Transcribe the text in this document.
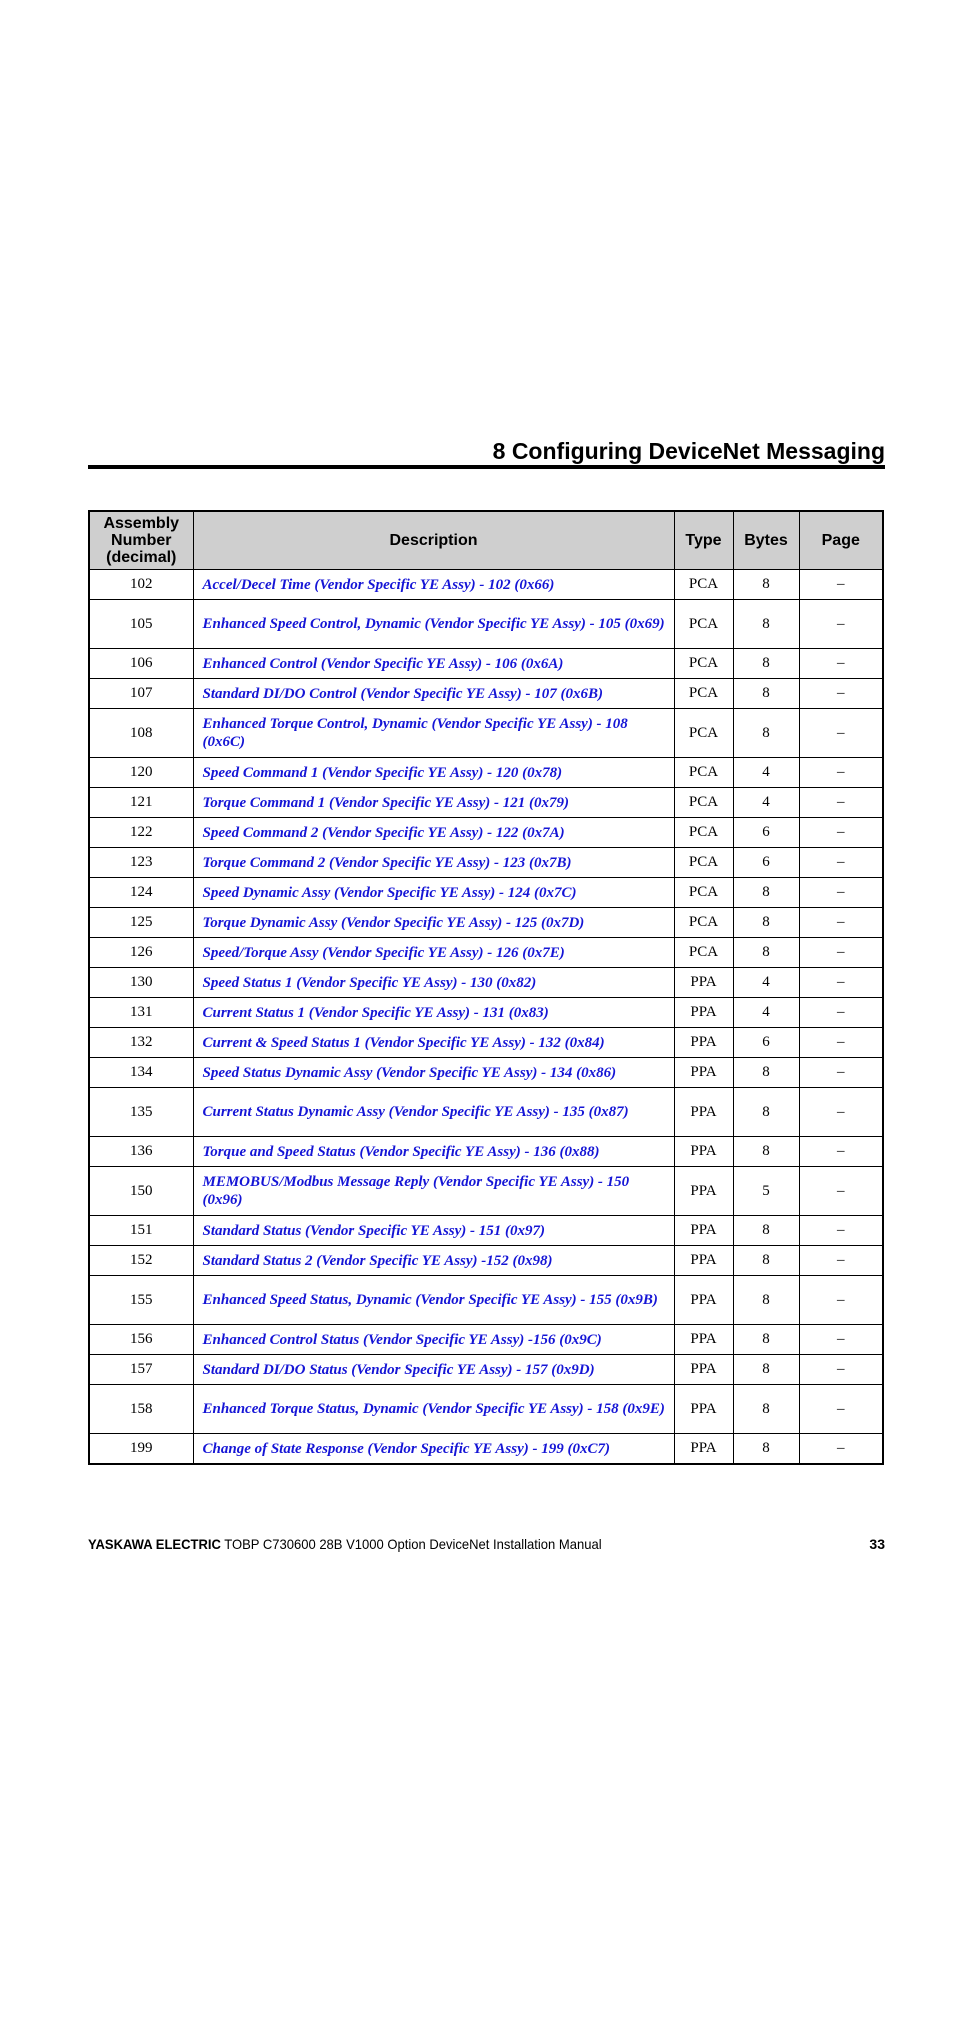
8 Configuring DeviceNet Messaging
Assembly
Number
(decimal)	Description	Type	Bytes	Page
102	Accel/Decel Time (Vendor Specific YE Assy) - 102 (0x66)	PCA	8	–
105	Enhanced Speed Control, Dynamic (Vendor Specific YE Assy) - 105 (0x69)	PCA	8	–
106	Enhanced Control (Vendor Specific YE Assy) - 106 (0x6A)	PCA	8	–
107	Standard DI/DO Control (Vendor Specific YE Assy) - 107 (0x6B)	PCA	8	–
108	Enhanced Torque Control, Dynamic (Vendor Specific YE Assy) - 108 (0x6C)	PCA	8	–
120	Speed Command 1 (Vendor Specific YE Assy) - 120 (0x78)	PCA	4	–
121	Torque Command 1 (Vendor Specific YE Assy) - 121 (0x79)	PCA	4	–
122	Speed Command 2 (Vendor Specific YE Assy) - 122 (0x7A)	PCA	6	–
123	Torque Command 2 (Vendor Specific YE Assy) - 123 (0x7B)	PCA	6	–
124	Speed Dynamic Assy (Vendor Specific YE Assy) - 124 (0x7C)	PCA	8	–
125	Torque Dynamic Assy (Vendor Specific YE Assy) - 125 (0x7D)	PCA	8	–
126	Speed/Torque Assy (Vendor Specific YE Assy) - 126 (0x7E)	PCA	8	–
130	Speed Status 1 (Vendor Specific YE Assy) - 130 (0x82)	PPA	4	–
131	Current Status 1 (Vendor Specific YE Assy) - 131 (0x83)	PPA	4	–
132	Current & Speed Status 1 (Vendor Specific YE Assy) - 132 (0x84)	PPA	6	–
134	Speed Status Dynamic Assy (Vendor Specific YE Assy) - 134 (0x86)	PPA	8	–
135	Current Status Dynamic Assy (Vendor Specific YE Assy) - 135 (0x87)	PPA	8	–
136	Torque and Speed Status (Vendor Specific YE Assy) - 136 (0x88)	PPA	8	–
150	MEMOBUS/Modbus Message Reply (Vendor Specific YE Assy) - 150 (0x96)	PPA	5	–
151	Standard Status (Vendor Specific YE Assy) - 151 (0x97)	PPA	8	–
152	Standard Status 2 (Vendor Specific YE Assy) -152 (0x98)	PPA	8	–
155	Enhanced Speed Status, Dynamic (Vendor Specific YE Assy) - 155 (0x9B)	PPA	8	–
156	Enhanced Control Status (Vendor Specific YE Assy) -156 (0x9C)	PPA	8	–
157	Standard DI/DO Status (Vendor Specific YE Assy) - 157 (0x9D)	PPA	8	–
158	Enhanced Torque Status, Dynamic (Vendor Specific YE Assy) - 158 (0x9E)	PPA	8	–
199	Change of State Response (Vendor Specific YE Assy) - 199 (0xC7)	PPA	8	–
YASKAWA ELECTRIC TOBP C730600 28B V1000 Option DeviceNet Installation Manual	33
